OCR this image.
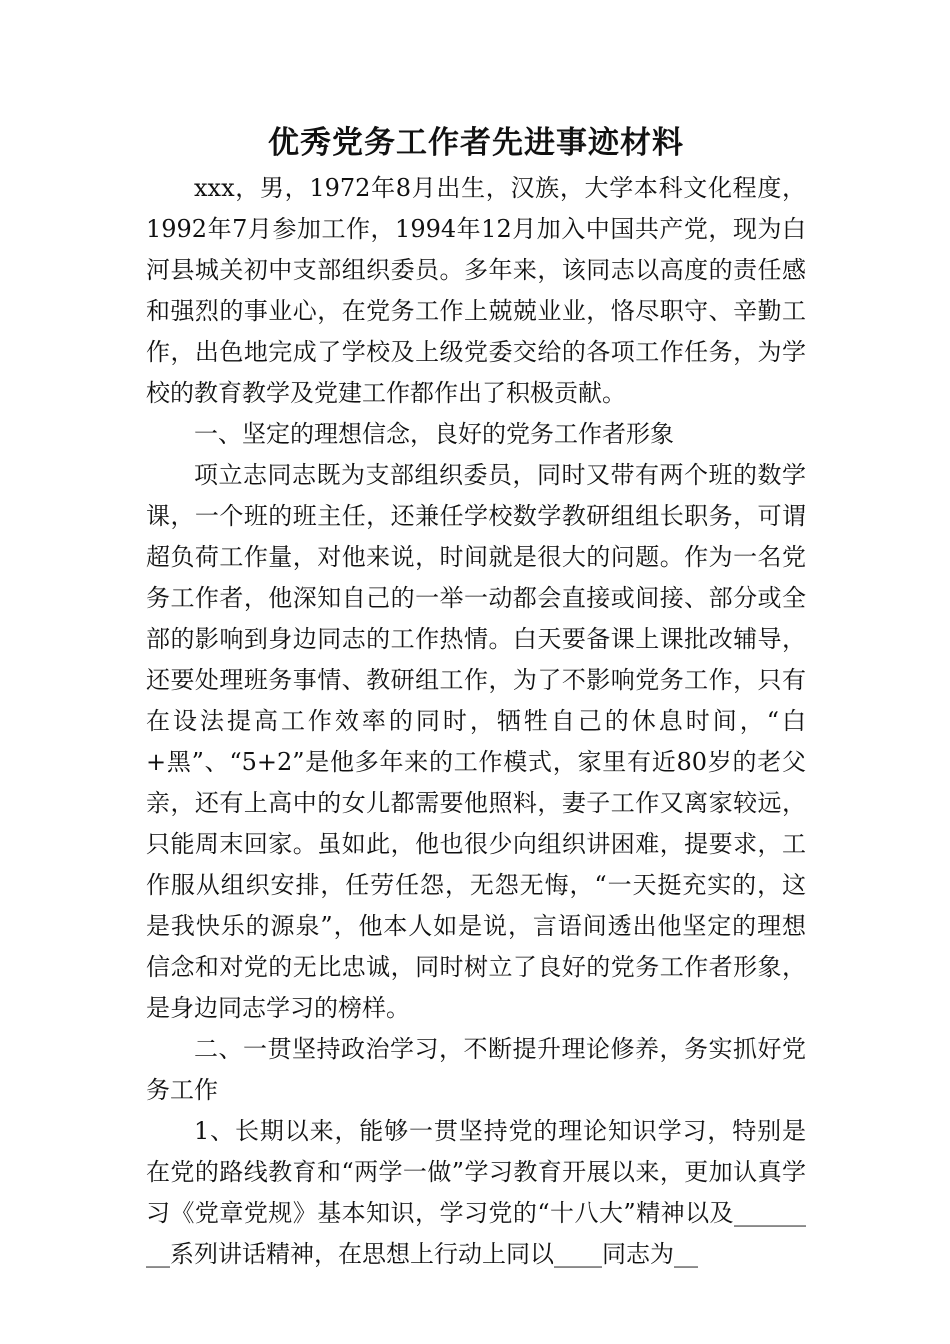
优秀党务工作者先进事迹材料

xxx，男，1972年8月出生，汉族，大学本科文化程度，1992年7月参加工作，1994年12月加入中国共产党，现为白河县城关初中支部组织委员。多年来，该同志以高度的责任感和强烈的事业心，在党务工作上兢兢业业，恪尽职守、辛勤工作，出色地完成了学校及上级党委交给的各项工作任务，为学校的教育教学及党建工作都作出了积极贡献。

一、坚定的理想信念，良好的党务工作者形象

项立志同志既为支部组织委员，同时又带有两个班的数学课，一个班的班主任，还兼任学校数学教研组组长职务，可谓超负荷工作量，对他来说，时间就是很大的问题。作为一名党务工作者，他深知自己的一举一动都会直接或间接、部分或全部的影响到身边同志的工作热情。白天要备课上课批改辅导，还要处理班务事情、教研组工作，为了不影响党务工作，只有在设法提高工作效率的同时，牺牲自己的休息时间，“白+黑”、“5+2”是他多年来的工作模式，家里有近80岁的老父亲，还有上高中的女儿都需要他照料，妻子工作又离家较远，只能周末回家。虽如此，他也很少向组织讲困难，提要求，工作服从组织安排，任劳任怨，无怨无悔，“一天挺充实的，这是我快乐的源泉”，他本人如是说，言语间透出他坚定的理想信念和对党的无比忠诚，同时树立了良好的党务工作者形象，是身边同志学习的榜样。

二、一贯坚持政治学习，不断提升理论修养，务实抓好党务工作

1、长期以来，能够一贯坚持党的理论知识学习，特别是在党的路线教育和“两学一做”学习教育开展以来，更加认真学习《党章党规》基本知识，学习党的“十八大”精神以及________系列讲话精神，在思想上行动上同以____同志为__
